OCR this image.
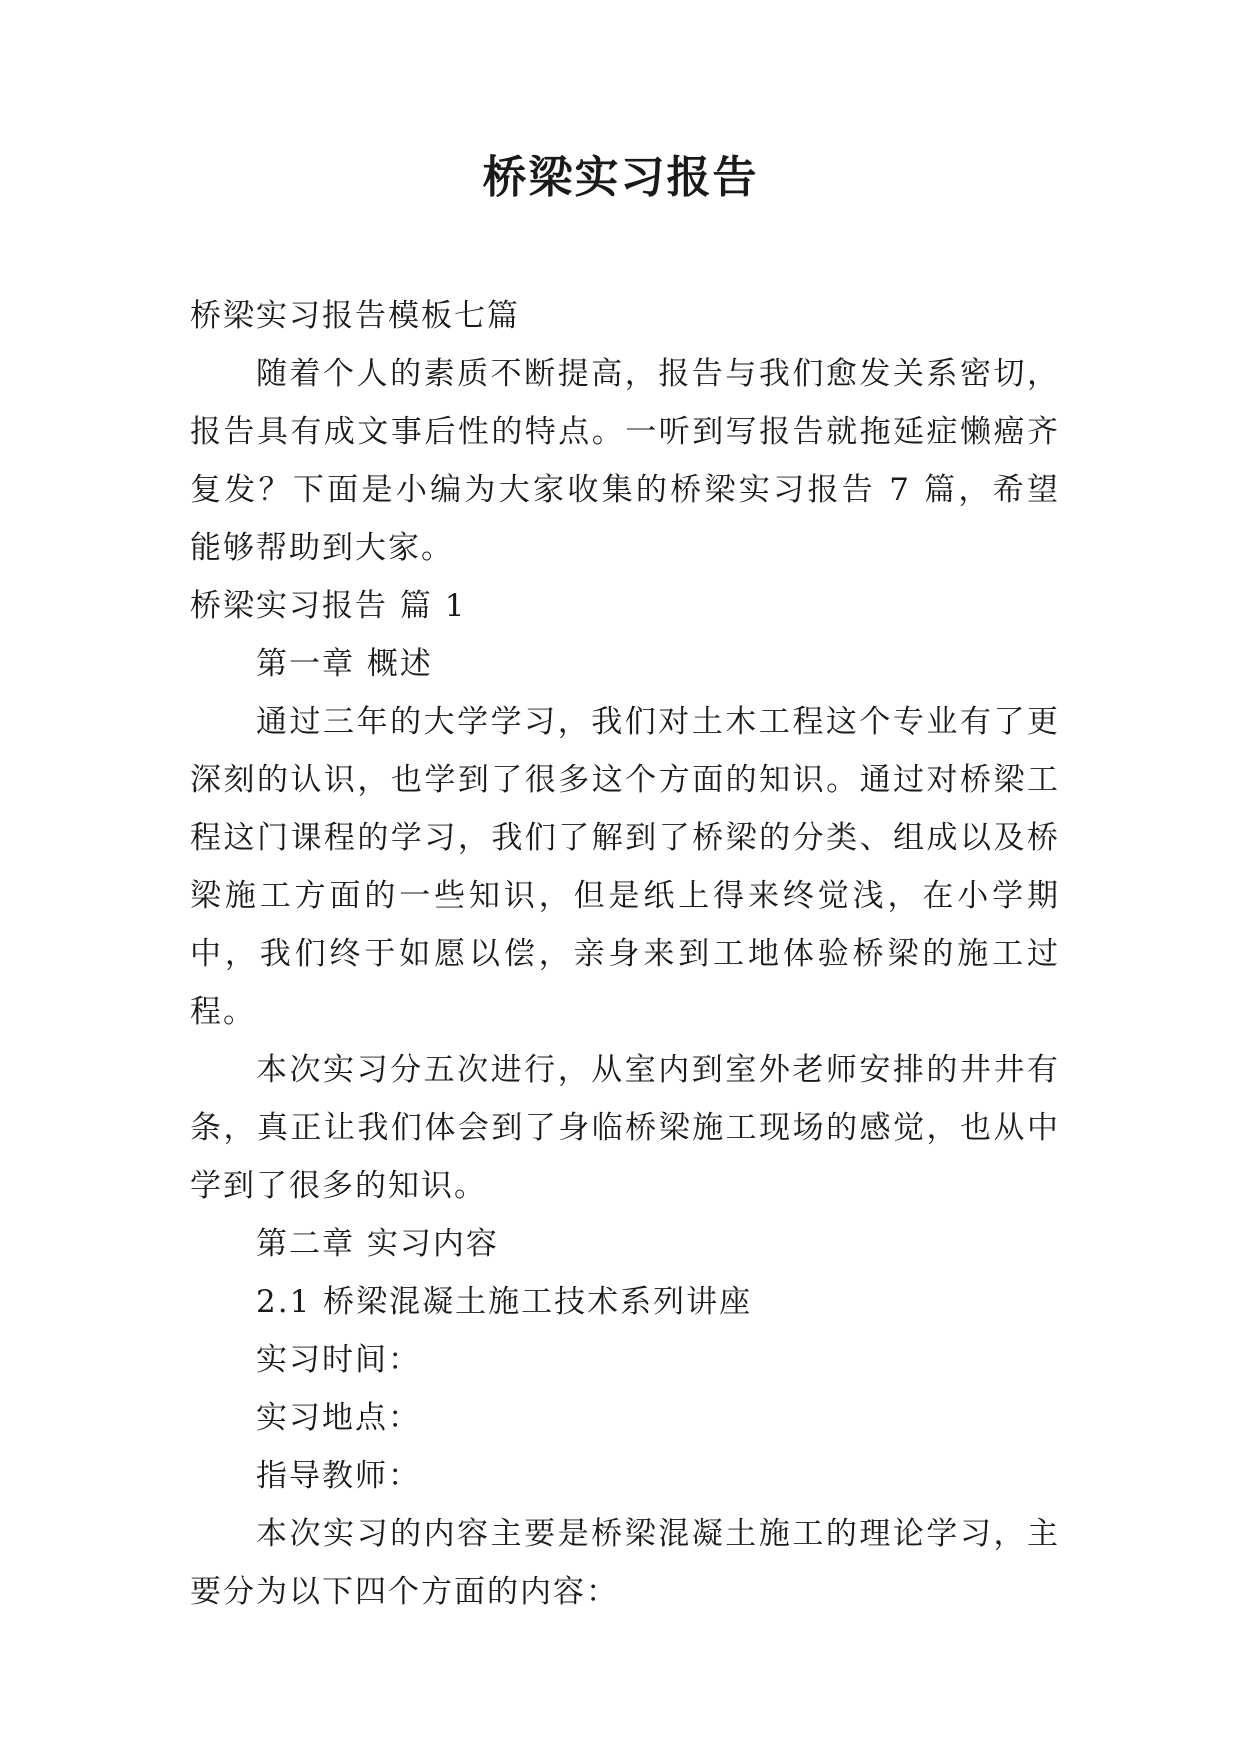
桥梁实习报告

桥梁实习报告模板七篇

随着个人的素质不断提高，报告与我们愈发关系密切，报告具有成文事后性的特点。一听到写报告就拖延症懒癌齐复发？下面是小编为大家收集的桥梁实习报告 7 篇，希望能够帮助到大家。

桥梁实习报告 篇 1

第一章 概述

通过三年的大学学习，我们对土木工程这个专业有了更深刻的认识，也学到了很多这个方面的知识。通过对桥梁工程这门课程的学习，我们了解到了桥梁的分类、组成以及桥梁施工方面的一些知识，但是纸上得来终觉浅，在小学期中，我们终于如愿以偿，亲身来到工地体验桥梁的施工过程。

本次实习分五次进行，从室内到室外老师安排的井井有条，真正让我们体会到了身临桥梁施工现场的感觉，也从中学到了很多的知识。

第二章 实习内容

2.1 桥梁混凝土施工技术系列讲座

实习时间：

实习地点：

指导教师：

本次实习的内容主要是桥梁混凝土施工的理论学习，主要分为以下四个方面的内容：
